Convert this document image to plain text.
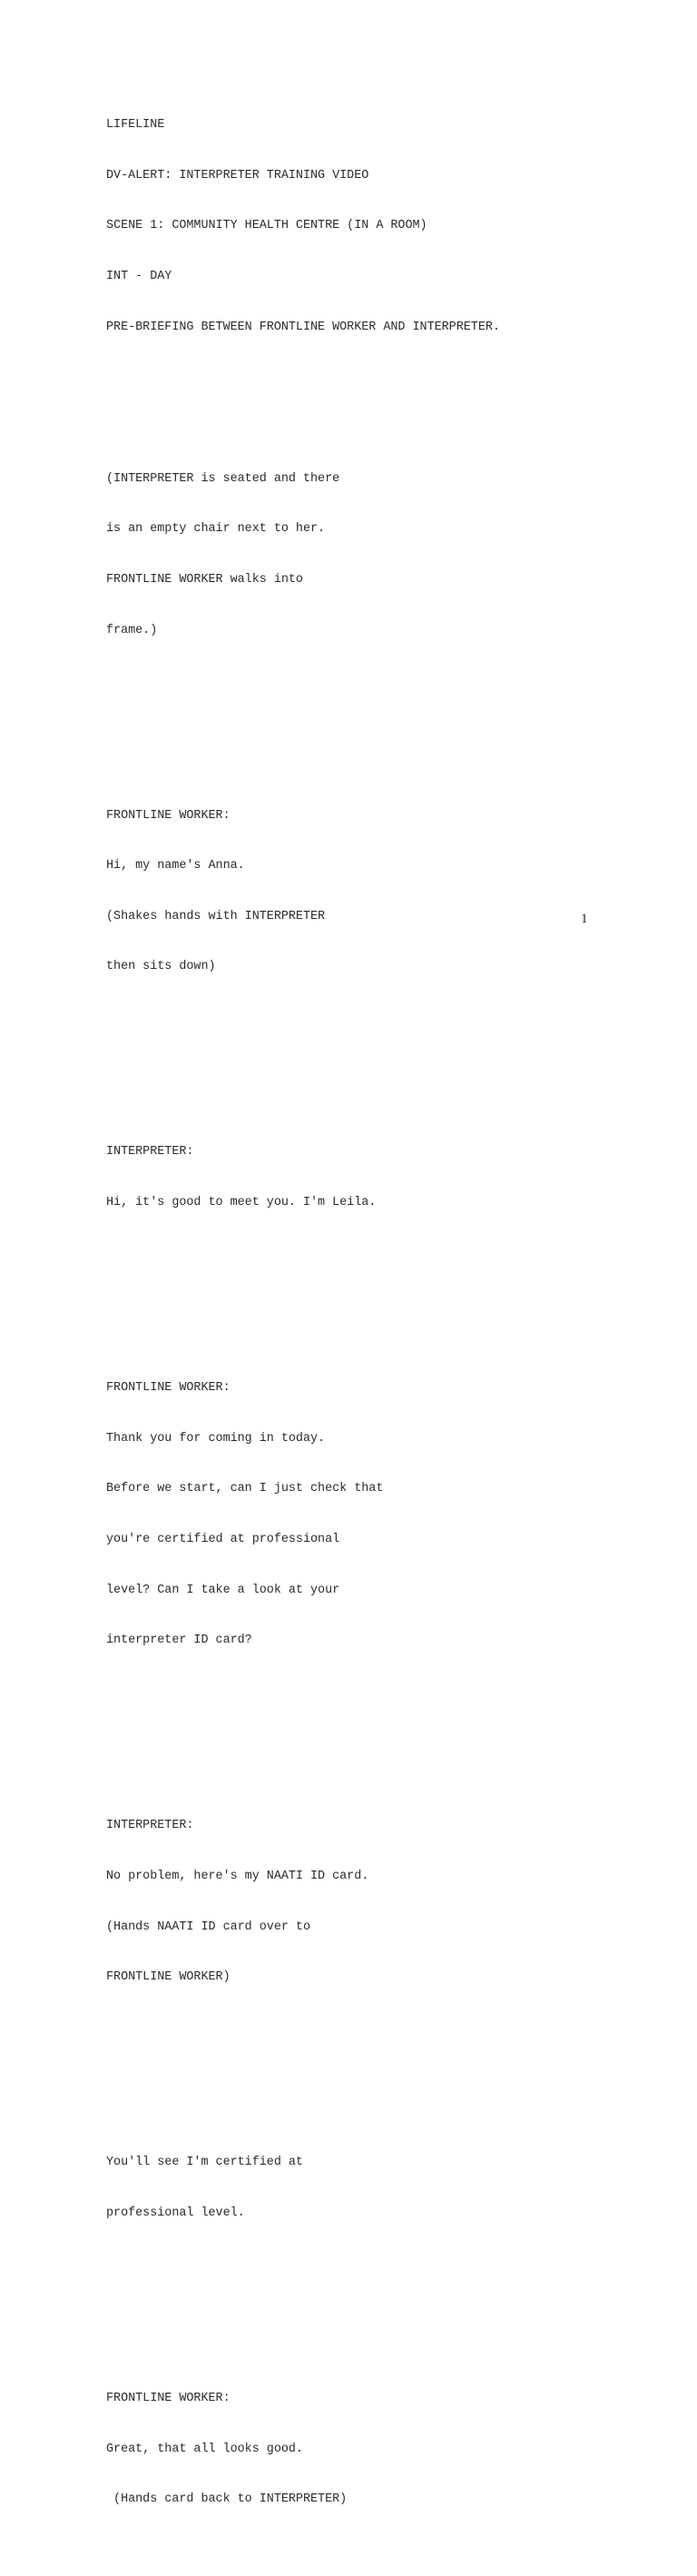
LIFELINE

DV-ALERT: INTERPRETER TRAINING VIDEO

SCENE 1: COMMUNITY HEALTH CENTRE (IN A ROOM)

INT - DAY

PRE-BRIEFING BETWEEN FRONTLINE WORKER AND INTERPRETER.

(INTERPRETER is seated and there

is an empty chair next to her.

FRONTLINE WORKER walks into

frame.)

FRONTLINE WORKER:

Hi, my name's Anna.

(Shakes hands with INTERPRETER

then sits down)

INTERPRETER:

Hi, it's good to meet you. I'm Leila.

FRONTLINE WORKER:

Thank you for coming in today.

Before we start, can I just check that

you're certified at professional

level? Can I take a look at your

interpreter ID card?

INTERPRETER:

No problem, here's my NAATI ID card.

(Hands NAATI ID card over to

FRONTLINE WORKER)

You'll see I'm certified at

professional level.

FRONTLINE WORKER:

Great, that all looks good.

(Hands card back to INTERPRETER)

1
